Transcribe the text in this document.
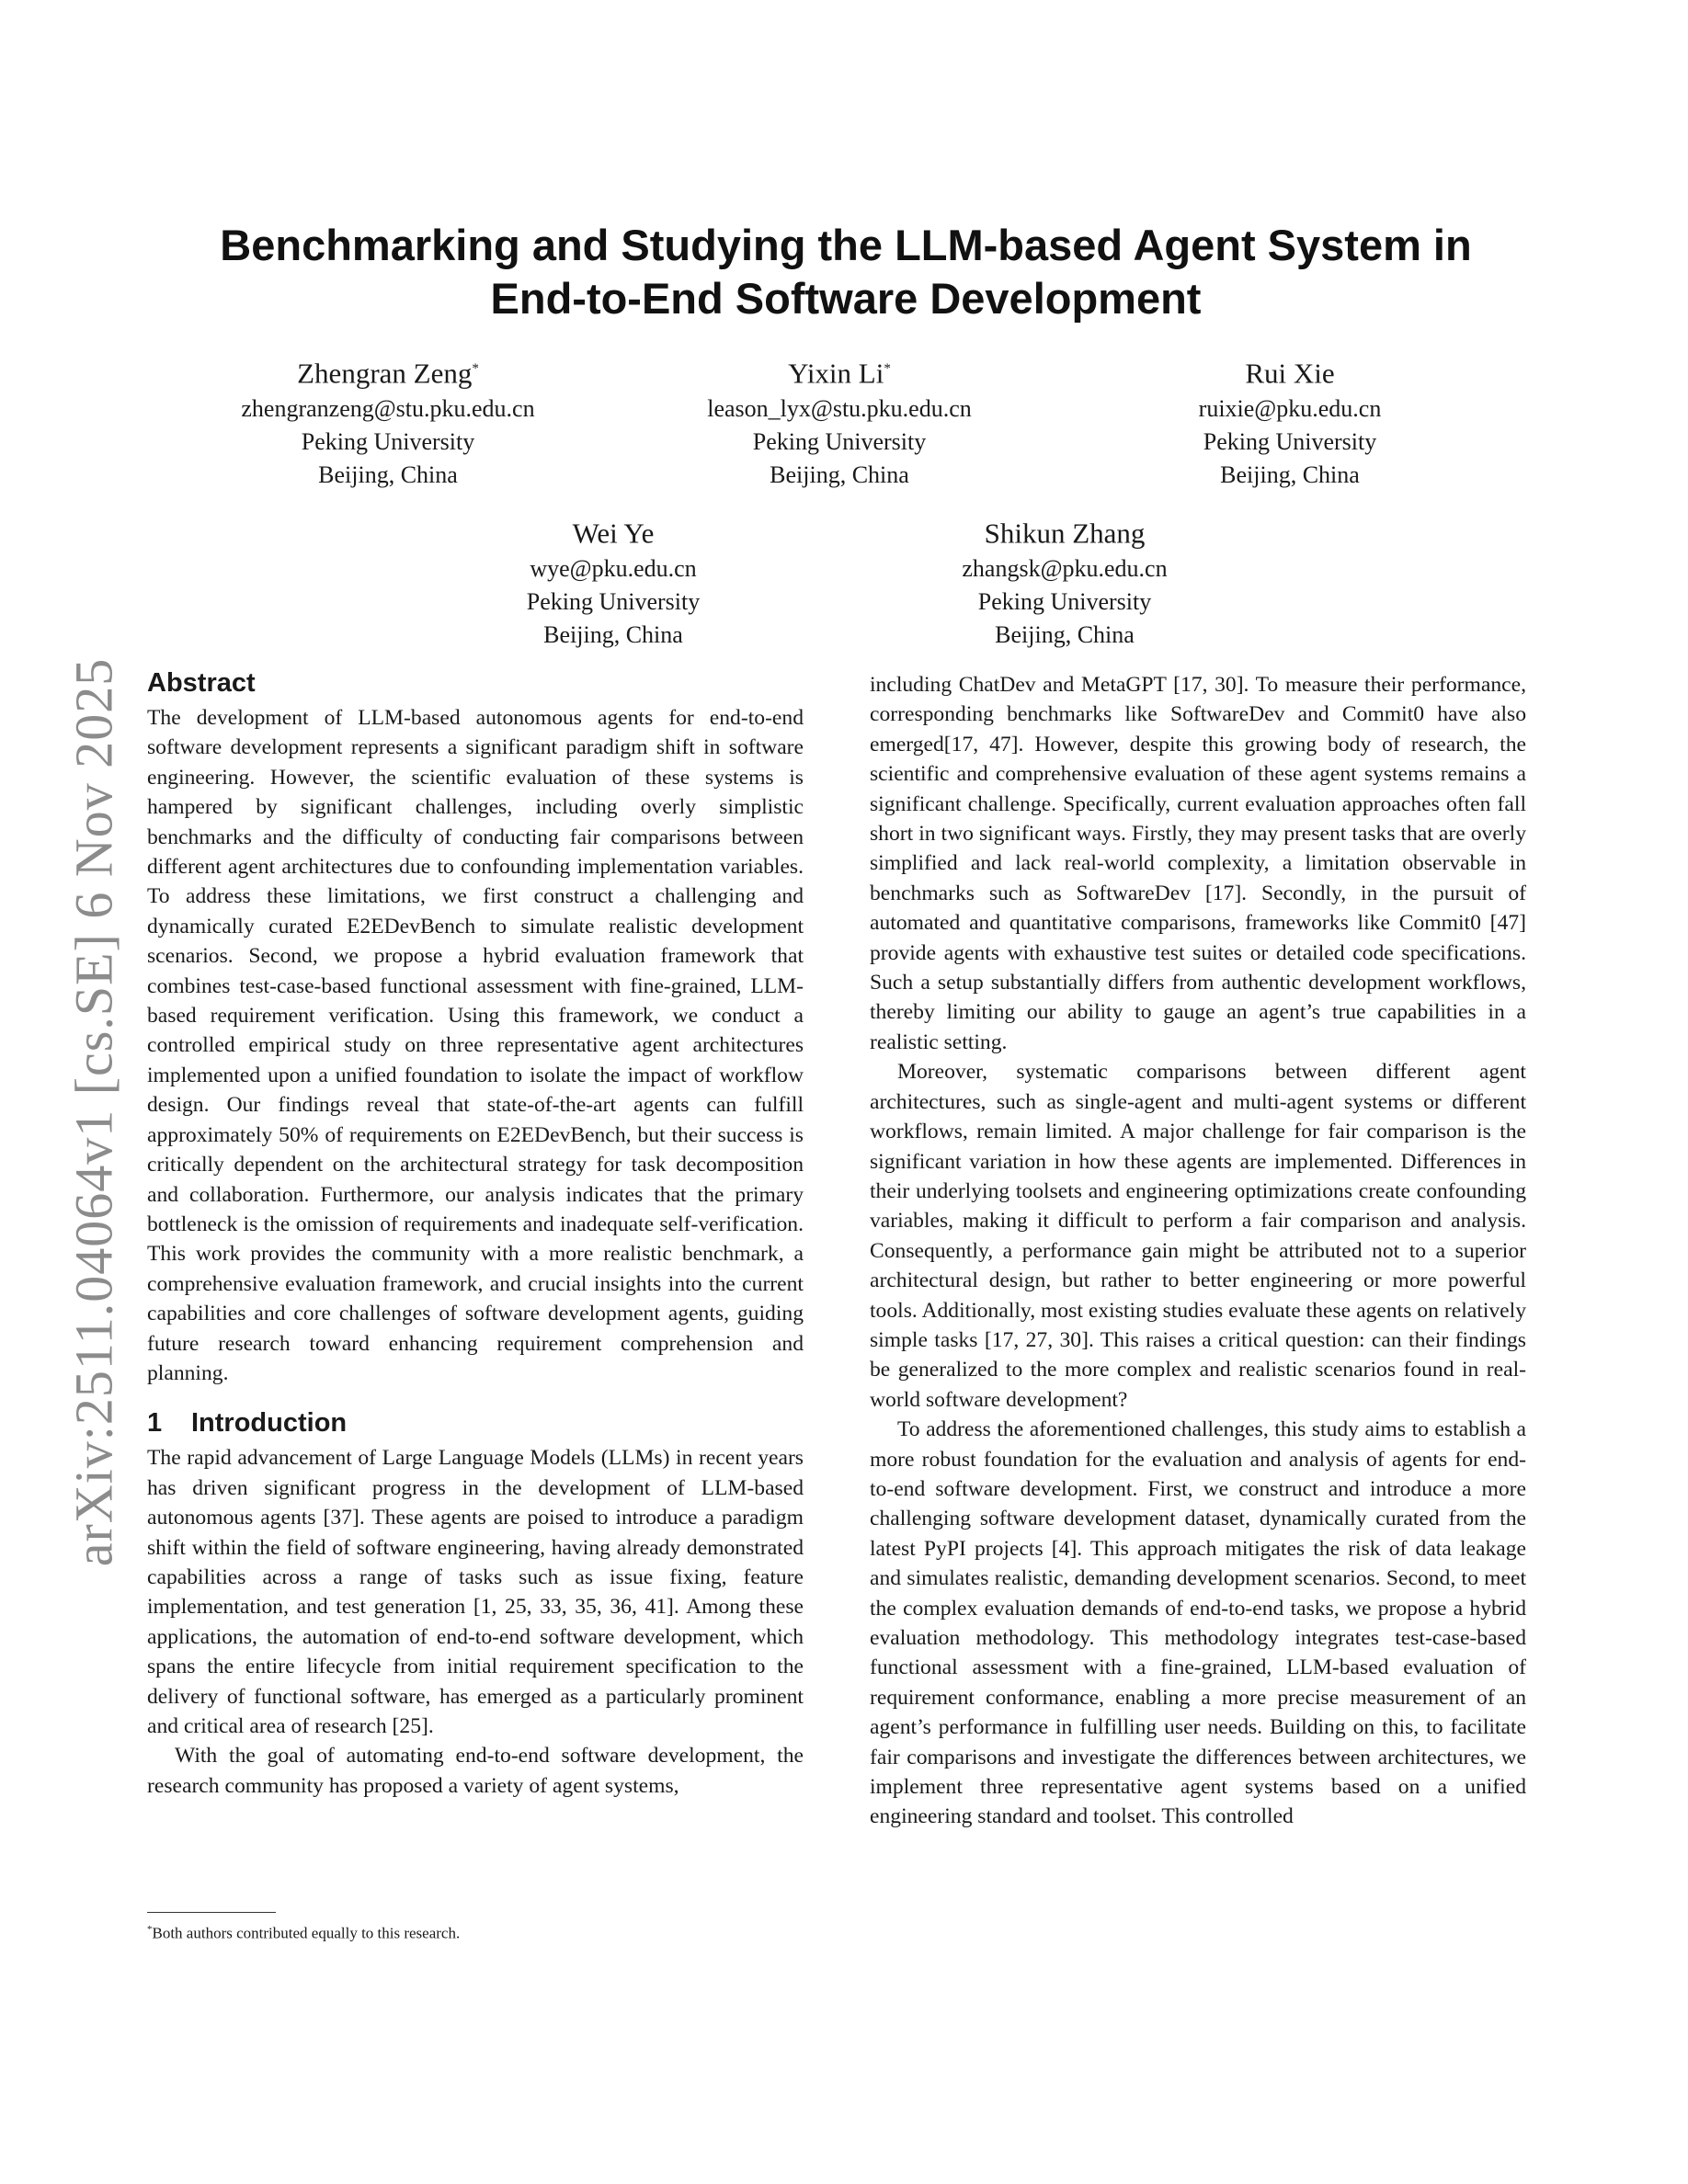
arXiv:2511.04064v1 [cs.SE] 6 Nov 2025
Benchmarking and Studying the LLM-based Agent System in
End-to-End Software Development
Zhengran Zeng*
zhengranzeng@stu.pku.edu.cn
Peking University
Beijing, China
Yixin Li*
leason_lyx@stu.pku.edu.cn
Peking University
Beijing, China
Rui Xie
ruixie@pku.edu.cn
Peking University
Beijing, China
Wei Ye
wye@pku.edu.cn
Peking University
Beijing, China
Shikun Zhang
zhangsk@pku.edu.cn
Peking University
Beijing, China
Abstract

The development of LLM-based autonomous agents for end-to-end software development represents a significant paradigm shift in software engineering. However, the scientific evaluation of these systems is hampered by significant challenges, including overly simplistic benchmarks and the difficulty of conducting fair comparisons between different agent architectures due to confounding implementation variables. To address these limitations, we first construct a challenging and dynamically curated E2EDevBench to simulate realistic development scenarios. Second, we propose a hybrid evaluation framework that combines test-case-based functional assessment with fine-grained, LLM-based requirement verification. Using this framework, we conduct a controlled empirical study on three representative agent architectures implemented upon a unified foundation to isolate the impact of workflow design. Our findings reveal that state-of-the-art agents can fulfill approximately 50% of requirements on E2EDevBench, but their success is critically dependent on the architectural strategy for task decomposition and collaboration. Furthermore, our analysis indicates that the primary bottleneck is the omission of requirements and inadequate self-verification. This work provides the community with a more realistic benchmark, a comprehensive evaluation framework, and crucial insights into the current capabilities and core challenges of software development agents, guiding future research toward enhancing requirement comprehension and planning.

1 Introduction

The rapid advancement of Large Language Models (LLMs) in recent years has driven significant progress in the development of LLM-based autonomous agents [37]. These agents are poised to introduce a paradigm shift within the field of software engineering, having already demonstrated capabilities across a range of tasks such as issue fixing, feature implementation, and test generation [1, 25, 33, 35, 36, 41]. Among these applications, the automation of end-to-end software development, which spans the entire lifecycle from initial requirement specification to the delivery of functional software, has emerged as a particularly prominent and critical area of research [25].

With the goal of automating end-to-end software development, the research community has proposed a variety of agent systems,

including ChatDev and MetaGPT [17, 30]. To measure their performance, corresponding benchmarks like SoftwareDev and Commit0 have also emerged[17, 47]. However, despite this growing body of research, the scientific and comprehensive evaluation of these agent systems remains a significant challenge. Specifically, current evaluation approaches often fall short in two significant ways. Firstly, they may present tasks that are overly simplified and lack real-world complexity, a limitation observable in benchmarks such as SoftwareDev [17]. Secondly, in the pursuit of automated and quantitative comparisons, frameworks like Commit0 [47] provide agents with exhaustive test suites or detailed code specifications. Such a setup substantially differs from authentic development workflows, thereby limiting our ability to gauge an agent’s true capabilities in a realistic setting.

Moreover, systematic comparisons between different agent architectures, such as single-agent and multi-agent systems or different workflows, remain limited. A major challenge for fair comparison is the significant variation in how these agents are implemented. Differences in their underlying toolsets and engineering optimizations create confounding variables, making it difficult to perform a fair comparison and analysis. Consequently, a performance gain might be attributed not to a superior architectural design, but rather to better engineering or more powerful tools. Additionally, most existing studies evaluate these agents on relatively simple tasks [17, 27, 30]. This raises a critical question: can their findings be generalized to the more complex and realistic scenarios found in real-world software development?

To address the aforementioned challenges, this study aims to establish a more robust foundation for the evaluation and analysis of agents for end-to-end software development. First, we construct and introduce a more challenging software development dataset, dynamically curated from the latest PyPI projects [4]. This approach mitigates the risk of data leakage and simulates realistic, demanding development scenarios. Second, to meet the complex evaluation demands of end-to-end tasks, we propose a hybrid evaluation methodology. This methodology integrates test-case-based functional assessment with a fine-grained, LLM-based evaluation of requirement conformance, enabling a more precise measurement of an agent’s performance in fulfilling user needs. Building on this, to facilitate fair comparisons and investigate the differences between architectures, we implement three representative agent systems based on a unified engineering standard and toolset. This controlled

*Both authors contributed equally to this research.
